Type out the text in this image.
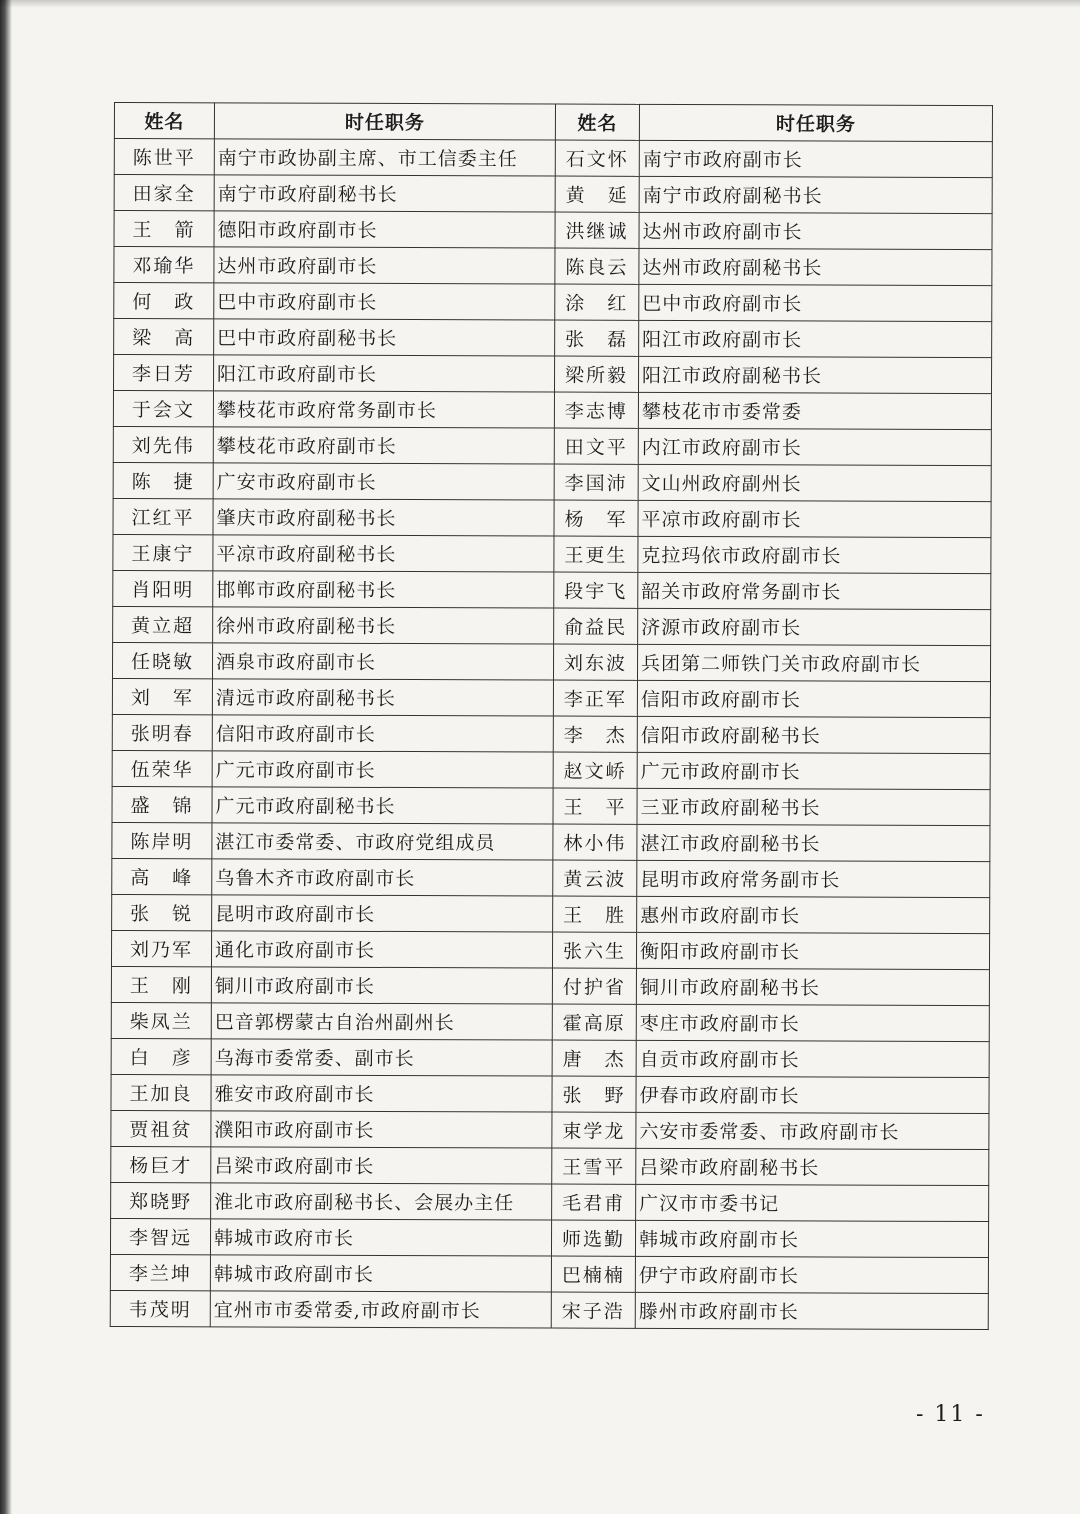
姓名	时任职务	姓名	时任职务
陈世平	南宁市政协副主席、市工信委主任	石文怀	南宁市政府副市长
田家全	南宁市政府副秘书长	黄　延	南宁市政府副秘书长
王　箭	德阳市政府副市长	洪继诚	达州市政府副市长
邓瑜华	达州市政府副市长	陈良云	达州市政府副秘书长
何　政	巴中市政府副市长	涂　红	巴中市政府副市长
梁　高	巴中市政府副秘书长	张　磊	阳江市政府副市长
李日芳	阳江市政府副市长	梁所毅	阳江市政府副秘书长
于会文	攀枝花市政府常务副市长	李志博	攀枝花市市委常委
刘先伟	攀枝花市政府副市长	田文平	内江市政府副市长
陈　捷	广安市政府副市长	李国沛	文山州政府副州长
江红平	肇庆市政府副秘书长	杨　军	平凉市政府副市长
王康宁	平凉市政府副秘书长	王更生	克拉玛依市政府副市长
肖阳明	邯郸市政府副秘书长	段宇飞	韶关市政府常务副市长
黄立超	徐州市政府副秘书长	俞益民	济源市政府副市长
任晓敏	酒泉市政府副市长	刘东波	兵团第二师铁门关市政府副市长
刘　军	清远市政府副秘书长	李正军	信阳市政府副市长
张明春	信阳市政府副市长	李　杰	信阳市政府副秘书长
伍荣华	广元市政府副市长	赵文峤	广元市政府副市长
盛　锦	广元市政府副秘书长	王　平	三亚市政府副秘书长
陈岸明	湛江市委常委、市政府党组成员	林小伟	湛江市政府副秘书长
高　峰	乌鲁木齐市政府副市长	黄云波	昆明市政府常务副市长
张　锐	昆明市政府副市长	王　胜	惠州市政府副市长
刘乃军	通化市政府副市长	张六生	衡阳市政府副市长
王　刚	铜川市政府副市长	付护省	铜川市政府副秘书长
柴凤兰	巴音郭楞蒙古自治州副州长	霍高原	枣庄市政府副市长
白　彦	乌海市委常委、副市长	唐　杰	自贡市政府副市长
王加良	雅安市政府副市长	张　野	伊春市政府副市长
贾祖贫	濮阳市政府副市长	束学龙	六安市委常委、市政府副市长
杨巨才	吕梁市政府副市长	王雪平	吕梁市政府副秘书长
郑晓野	淮北市政府副秘书长、会展办主任	毛君甫	广汉市市委书记
李智远	韩城市政府市长	师选勤	韩城市政府副市长
李兰坤	韩城市政府副市长	巴楠楠	伊宁市政府副市长
韦茂明	宜州市市委常委,市政府副市长	宋子浩	滕州市政府副市长
- 11 -
